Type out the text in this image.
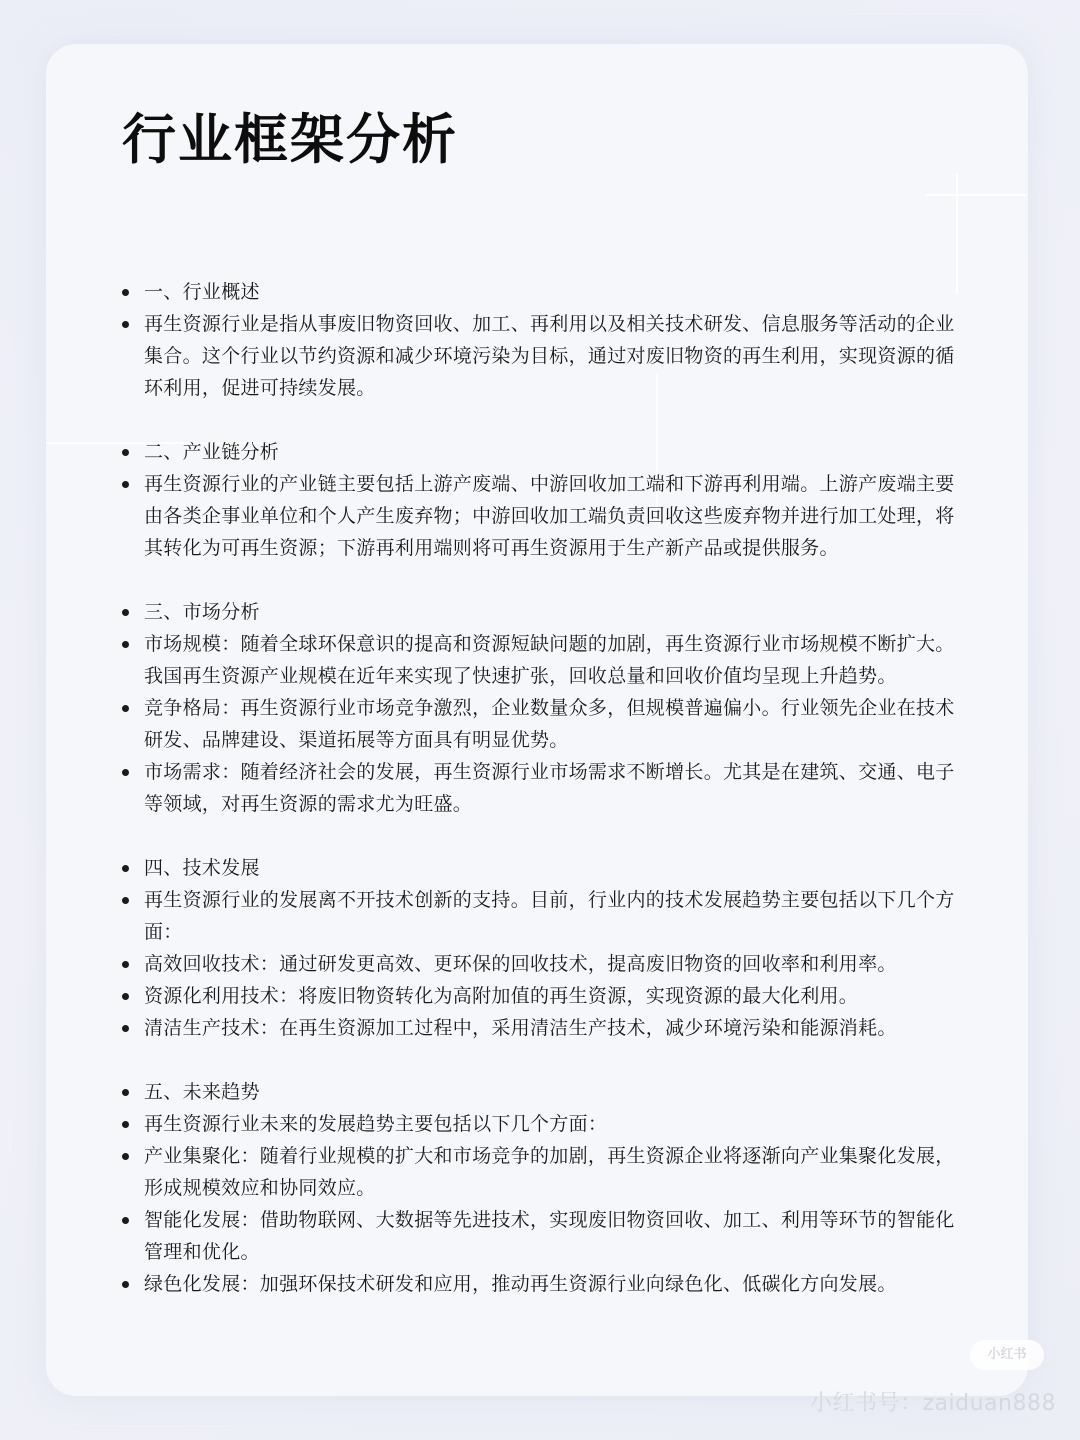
行业框架分析
一、行业概述
再生资源行业是指从事废旧物资回收、加工、再利用以及相关技术研发、信息服务等活动的企业集合。这个行业以节约资源和减少环境污染为目标，通过对废旧物资的再生利用，实现资源的循环利用，促进可持续发展。
二、产业链分析
再生资源行业的产业链主要包括上游产废端、中游回收加工端和下游再利用端。上游产废端主要由各类企事业单位和个人产生废弃物；中游回收加工端负责回收这些废弃物并进行加工处理，将其转化为可再生资源；下游再利用端则将可再生资源用于生产新产品或提供服务。
三、市场分析
市场规模：随着全球环保意识的提高和资源短缺问题的加剧，再生资源行业市场规模不断扩大。我国再生资源产业规模在近年来实现了快速扩张，回收总量和回收价值均呈现上升趋势。
竞争格局：再生资源行业市场竞争激烈，企业数量众多，但规模普遍偏小。行业领先企业在技术研发、品牌建设、渠道拓展等方面具有明显优势。
市场需求：随着经济社会的发展，再生资源行业市场需求不断增长。尤其是在建筑、交通、电子等领域，对再生资源的需求尤为旺盛。
四、技术发展
再生资源行业的发展离不开技术创新的支持。目前，行业内的技术发展趋势主要包括以下几个方面：
高效回收技术：通过研发更高效、更环保的回收技术，提高废旧物资的回收率和利用率。
资源化利用技术：将废旧物资转化为高附加值的再生资源，实现资源的最大化利用。
清洁生产技术：在再生资源加工过程中，采用清洁生产技术，减少环境污染和能源消耗。
五、未来趋势
再生资源行业未来的发展趋势主要包括以下几个方面：
产业集聚化：随着行业规模的扩大和市场竞争的加剧，再生资源企业将逐渐向产业集聚化发展，形成规模效应和协同效应。
智能化发展：借助物联网、大数据等先进技术，实现废旧物资回收、加工、利用等环节的智能化管理和优化。
绿色化发展：加强环保技术研发和应用，推动再生资源行业向绿色化、低碳化方向发展。
小红书
小红书号：zaiduan888
